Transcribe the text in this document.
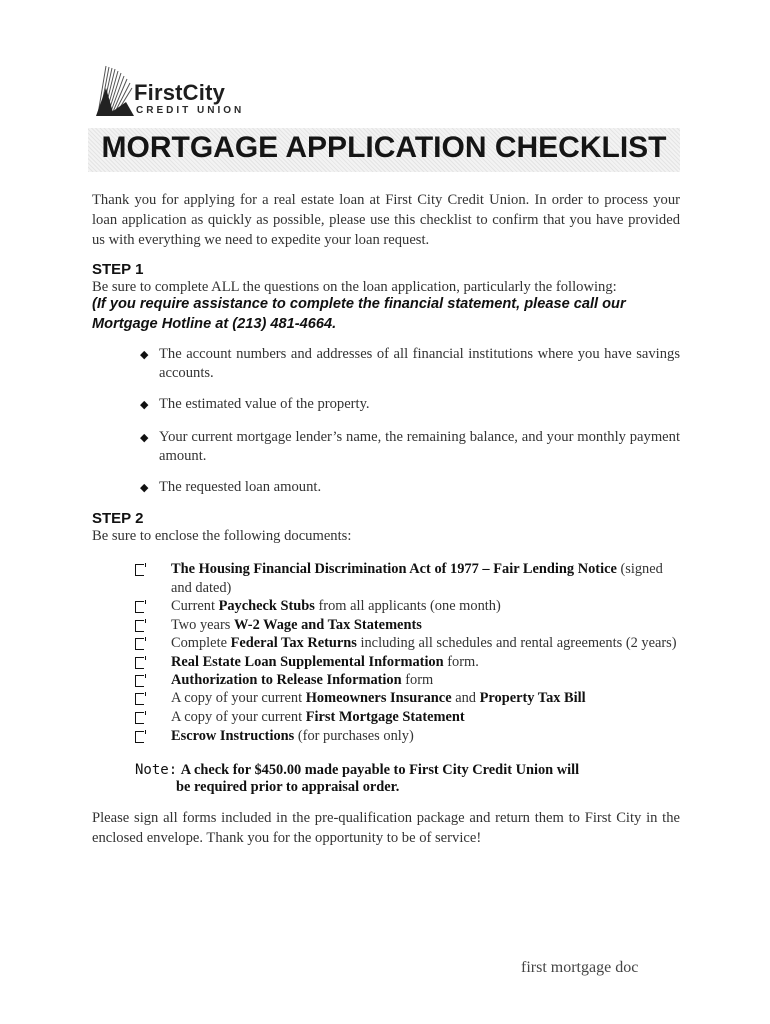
FirstCity
CREDIT UNION
MORTGAGE APPLICATION CHECKLIST
Thank you for applying for a real estate loan at First City Credit Union. In order to process your loan application as quickly as possible, please use this checklist to confirm that you have provided us with everything we need to expedite your loan request.
STEP 1
Be sure to complete ALL the questions on the loan application, particularly the following:
(If you require assistance to complete the financial statement, please call our Mortgage Hotline at (213) 481-4664.
◆ The account numbers and addresses of all financial institutions where you have savings accounts.
◆ The estimated value of the property.
◆ Your current mortgage lender’s name, the remaining balance, and your monthly payment amount.
◆ The requested loan amount.
STEP 2
Be sure to enclose the following documents:
The Housing Financial Discrimination Act of 1977 – Fair Lending Notice (signed and dated)
Current Paycheck Stubs from all applicants (one month)
Two years W-2 Wage and Tax Statements
Complete Federal Tax Returns including all schedules and rental agreements (2 years)
Real Estate Loan Supplemental Information form.
Authorization to Release Information form
A copy of your current Homeowners Insurance and Property Tax Bill
A copy of your current First Mortgage Statement
Escrow Instructions (for purchases only)
Note: A check for $450.00 made payable to First City Credit Union will
be required prior to appraisal order.
Please sign all forms included in the pre-qualification package and return them to First City in the enclosed envelope. Thank you for the opportunity to be of service!
first mortgage doc
